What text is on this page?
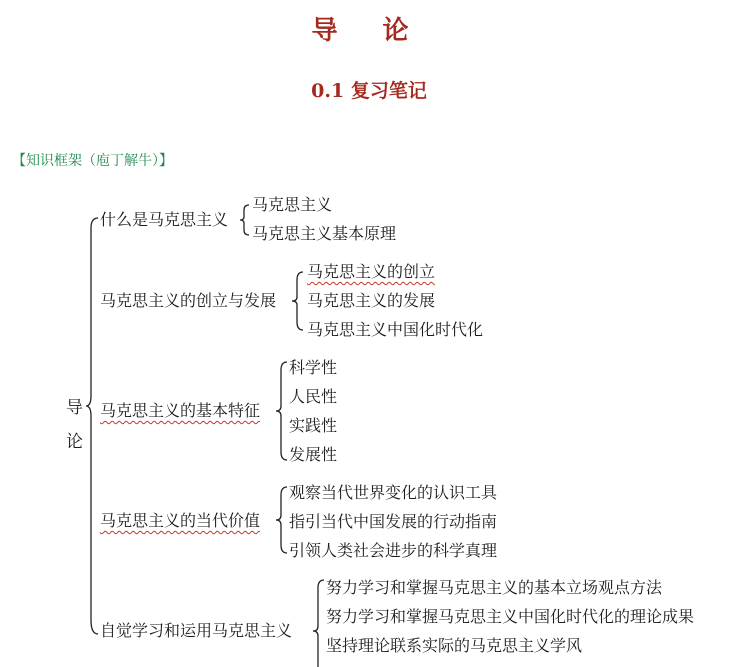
导 论
0.1 复习笔记
【知识框架（庖丁解牛）】
导
论
什么是马克思主义
马克思主义
马克思主义基本原理
马克思主义的创立与发展
马克思主义的创立
马克思主义的发展
马克思主义中国化时代化
马克思主义的基本特征
科学性
人民性
实践性
发展性
马克思主义的当代价值
观察当代世界变化的认识工具
指引当代中国发展的行动指南
引领人类社会进步的科学真理
自觉学习和运用马克思主义
努力学习和掌握马克思主义的基本立场观点方法
努力学习和掌握马克思主义中国化时代化的理论成果
坚持理论联系实际的马克思主义学风
